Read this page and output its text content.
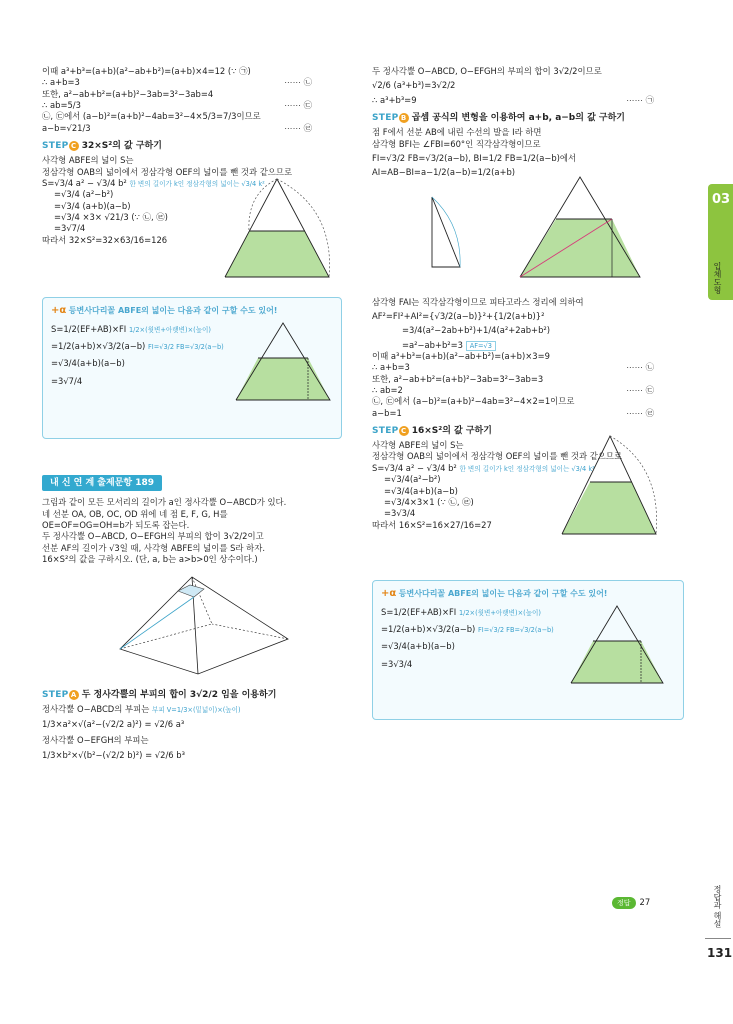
03
입체도형
정답과 해설
131
이때 a³+b³=(a+b)(a²−ab+b²)=(a+b)×4=12 (∵ ㉠)
∴ a+b=3	⋯⋯ ㉡
또한, a²−ab+b²=(a+b)²−3ab=3²−3ab=4
∴ ab=5/3	⋯⋯ ㉢
㉡, ㉢에서 (a−b)²=(a+b)²−4ab=3²−4×5/3=7/3이므로
a−b=√21/3	⋯⋯ ㉣
STEP C 32×S²의 값 구하기
사각형 ABFE의 넓이 S는
정삼각형 OAB의 넓이에서 정삼각형 OEF의 넓이를 뺀 것과 같으므로
S=√3/4 a² − √3/4 b² 한 변의 길이가 k인 정삼각형의 넓이는 √3/4 k²
=√3/4 (a²−b²)
=√3/4 (a+b)(a−b)
=√3/4 ×3× √21/3 (∵ ㉡, ㉣)
=3√7/4
따라서 32×S²=32×63/16=126
+α 등변사다리꼴 ABFE의 넓이는 다음과 같이 구할 수도 있어!
S=1/2(EF+AB)×FI 1/2×(윗변+아랫변)×(높이)
=1/2(a+b)×√3/2(a−b) FI=√3/2 FB=√3/2(a−b)
=√3/4(a+b)(a−b)
=3√7/4
내 신 연 계 출제문항 189
그림과 같이 모든 모서리의 길이가 a인 정사각뿔 O−ABCD가 있다.
네 선분 OA, OB, OC, OD 위에 네 점 E, F, G, H를
OE=OF=OG=OH=b가 되도록 잡는다.
두 정사각뿔 O−ABCD, O−EFGH의 부피의 합이 3√2/2이고
선분 AF의 길이가 √3일 때, 사각형 ABFE의 넓이를 S라 하자.
16×S²의 값을 구하시오. (단, a, b는 a>b>0인 상수이다.)
STEP A 두 정사각뿔의 부피의 합이 3√2/2 임을 이용하기
정사각뿔 O−ABCD의 부피는 부피 V=1/3×(밑넓이)×(높이)
1/3×a²×√(a²−(√2/2 a)²) = √2/6 a³
정사각뿔 O−EFGH의 부피는
1/3×b²×√(b²−(√2/2 b)²) = √2/6 b³
두 정사각뿔 O−ABCD, O−EFGH의 부피의 합이 3√2/2이므로
√2/6 (a³+b³)=3√2/2
∴ a³+b³=9	⋯⋯ ㉠
STEP B 곱셈 공식의 변형을 이용하여 a+b, a−b의 값 구하기
점 F에서 선분 AB에 내린 수선의 발을 I라 하면
삼각형 BFI는 ∠FBI=60°인 직각삼각형이므로
FI=√3/2 FB=√3/2(a−b), BI=1/2 FB=1/2(a−b)에서
AI=AB−BI=a−1/2(a−b)=1/2(a+b)
삼각형 FAI는 직각삼각형이므로 피타고라스 정리에 의하여
AF²=FI²+AI²={√3/2(a−b)}²+{1/2(a+b)}²
=3/4(a²−2ab+b²)+1/4(a²+2ab+b²)
=a²−ab+b²=3 AF=√3
이때 a³+b³=(a+b)(a²−ab+b²)=(a+b)×3=9
∴ a+b=3	⋯⋯ ㉡
또한, a²−ab+b²=(a+b)²−3ab=3²−3ab=3
∴ ab=2	⋯⋯ ㉢
㉡, ㉢에서 (a−b)²=(a+b)²−4ab=3²−4×2=1이므로
a−b=1	⋯⋯ ㉣
STEP C 16×S²의 값 구하기
사각형 ABFE의 넓이 S는
정삼각형 OAB의 넓이에서 정삼각형 OEF의 넓이를 뺀 것과 같으므로
S=√3/4 a² − √3/4 b² 한 변의 길이가 k인 정삼각형의 넓이는 √3/4 k²
=√3/4(a²−b²)
=√3/4(a+b)(a−b)
=√3/4×3×1 (∵ ㉡, ㉣)
=3√3/4
따라서 16×S²=16×27/16=27
+α 등변사다리꼴 ABFE의 넓이는 다음과 같이 구할 수도 있어!
S=1/2(EF+AB)×FI 1/2×(윗변+아랫변)×(높이)
=1/2(a+b)×√3/2(a−b) FI=√3/2 FB=√3/2(a−b)
=√3/4(a+b)(a−b)
=3√3/4
정답 27
